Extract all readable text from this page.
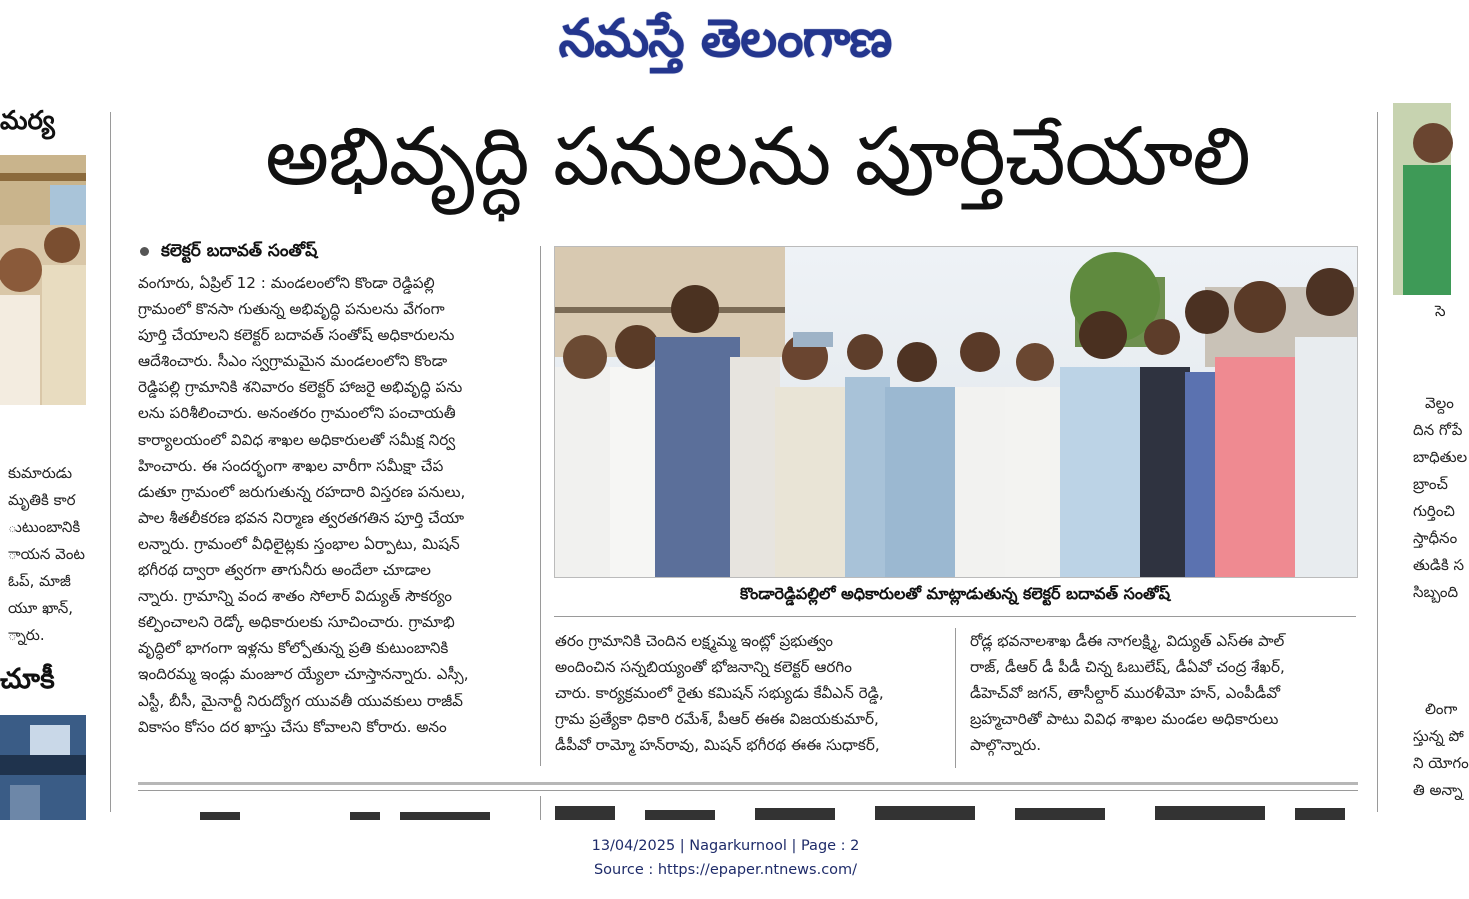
నమస్తే తెలంగాణ
మర్య
కుమారుడు
మృతికి కార
ుటుంబానికి
ాయన వెంట
ఓప్, మాజీ
యూ ఖాన్,
్నారు.
చూకీ
అభివృద్ధి పనులను పూర్తిచేయాలి
కలెక్టర్ బదావత్ సంతోష్

వంగూరు, ఏప్రిల్ 12 : మండలంలోని కొండా రెడ్డిపల్లి

గ్రామంలో కొనసా గుతున్న అభివృద్ధి పనులను వేగంగా

పూర్తి చేయాలని కలెక్టర్ బదావత్ సంతోష్ అధికారులను

ఆదేశించారు. సీఎం స్వగ్రామమైన మండలంలోని కొండా

రెడ్డిపల్లి గ్రామానికి శనివారం కలెక్టర్ హాజరై అభివృద్ధి పను

లను పరిశీలించారు. అనంతరం గ్రామంలోని పంచాయతీ

కార్యాలయంలో వివిధ శాఖల అధికారులతో సమీక్ష నిర్వ

హించారు. ఈ సందర్భంగా శాఖల వారీగా సమీక్షా చేప

డుతూ గ్రామంలో జరుగుతున్న రహదారి విస్తరణ పనులు,

పాల శీతలీకరణ భవన నిర్మాణ త్వరతగతిన పూర్తి చేయా

లన్నారు. గ్రామంలో వీధిలైట్లకు స్తంభాల ఏర్పాటు, మిషన్

భగీరథ ద్వారా త్వరగా తాగునీరు అందేలా చూడాల

న్నారు. గ్రామాన్ని వంద శాతం సోలార్ విద్యుత్ సౌకర్యం

కల్పించాలని రెడ్కో అధికారులకు సూచించారు. గ్రామాభి

వృద్ధిలో భాగంగా ఇళ్లను కోల్పోతున్న ప్రతి కుటుంబానికి

ఇందిరమ్మ ఇండ్లు మంజూర య్యేలా చూస్తానన్నారు. ఎస్సీ,

ఎస్టీ, బీసీ, మైనార్టీ నిరుద్యోగ యువతీ యువకులు రాజీవ్

వికాసం కోసం దర ఖాస్తు చేసు కోవాలని కోరారు. అనం

కొండారెడ్డిపల్లిలో అధికారులతో మాట్లాడుతున్న కలెక్టర్ బదావత్ సంతోష్

తరం గ్రామానికి చెందిన లక్ష్మమ్మ ఇంట్లో ప్రభుత్వం

అందించిన సన్నబియ్యంతో భోజనాన్ని కలెక్టర్ ఆరగిం

చారు. కార్యక్రమంలో రైతు కమిషన్ సభ్యుడు కేవీఎన్ రెడ్డి,

గ్రామ ప్రత్యేకా ధికారి రమేశ్, పీఆర్ ఈఈ విజయకుమార్,

డీపీవో రామ్మో హన్‌రావు, మిషన్ భగీరథ ఈఈ సుధాకర్,

రోడ్ల భవనాలశాఖ డీఈ నాగలక్ష్మి, విద్యుత్ ఎస్ఈ పాల్

రాజ్, డీఆర్ డీ పీడీ చిన్న ఓబులేష్, డీఏవో చంద్ర శేఖర్,

డీహెచ్‌వో జగన్, తాసీల్దార్ మురళీమో హన్, ఎంపీడీవో

బ్రహ్మచారితో పాటు వివిధ శాఖల మండల అధికారులు

పాల్గొన్నారు.

సె
వెల్దం
దిన గోపే
బాధితుల
బ్రాంచ్
గుర్తించి
స్తాధీనం
తుడికి స
సిబ్బంది
లింగా
స్తున్న పో
ని యోగం
తి అన్నా
13/04/2025 | Nagarkurnool | Page : 2
Source : https://epaper.ntnews.com/
